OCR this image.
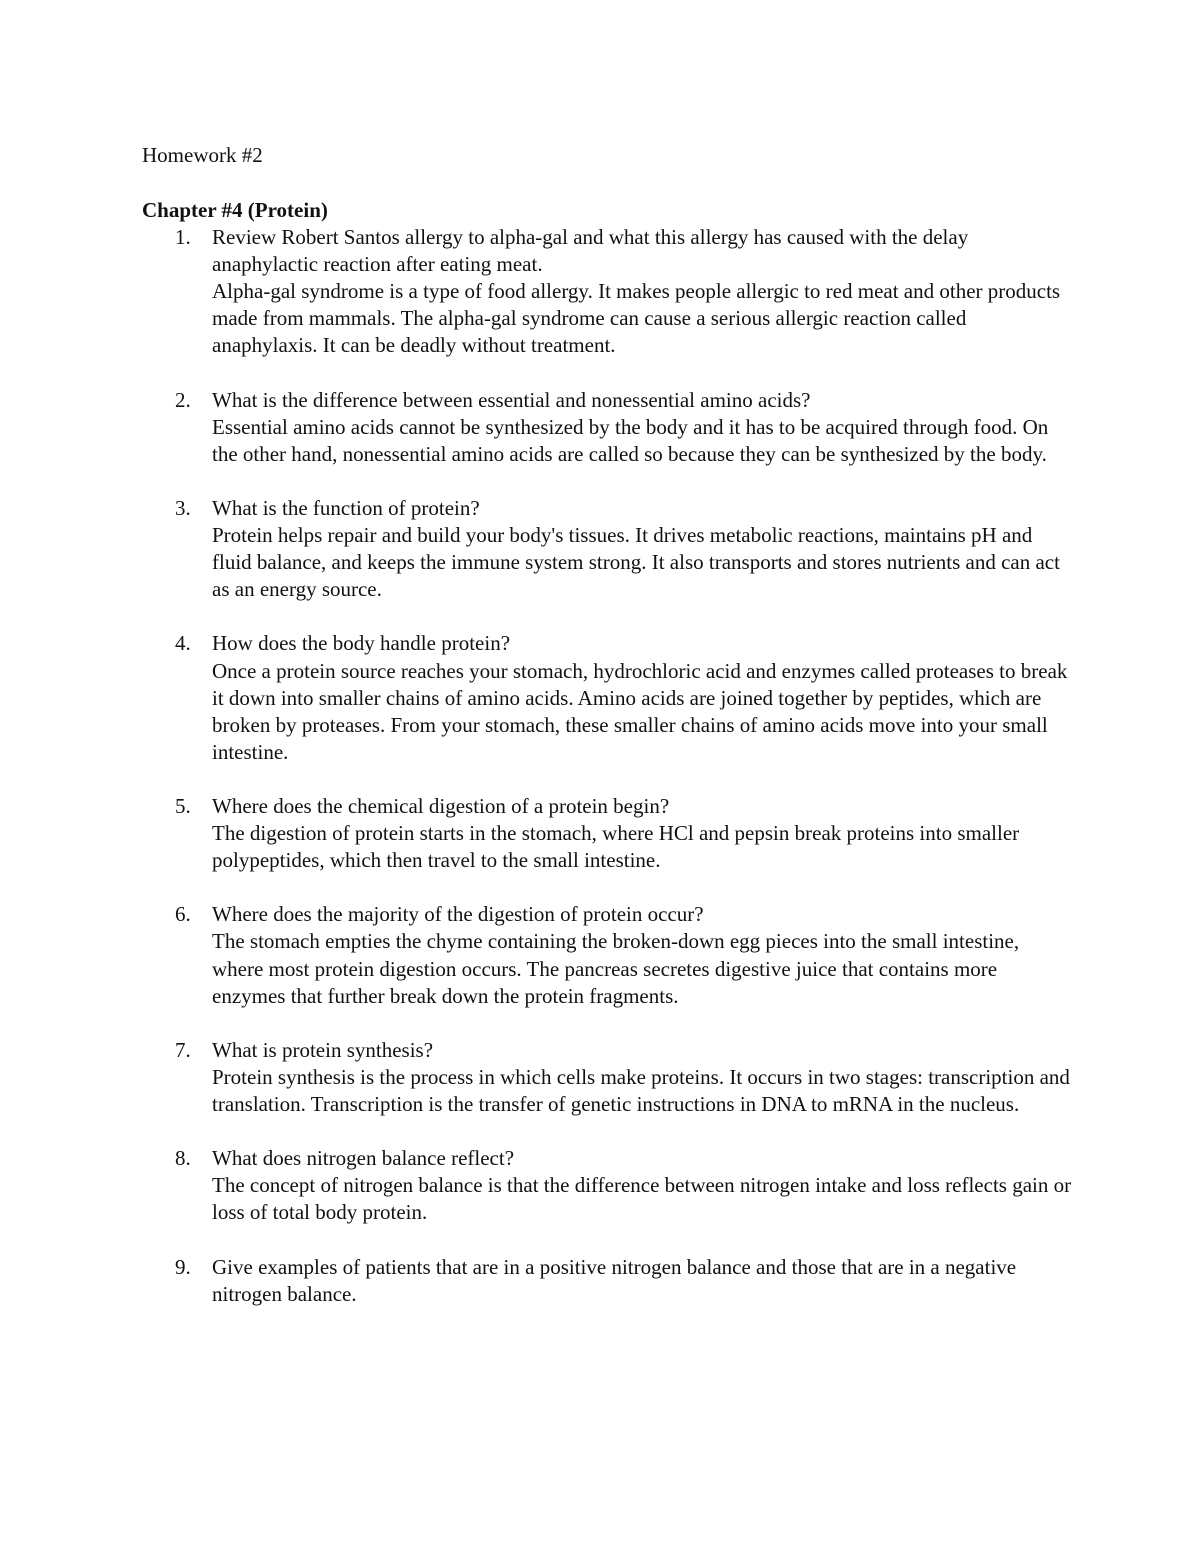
Homework #2
Chapter #4 (Protein)
1. Review Robert Santos allergy to alpha-gal and what this allergy has caused with the delay anaphylactic reaction after eating meat.
Alpha-gal syndrome is a type of food allergy. It makes people allergic to red meat and other products made from mammals. The alpha-gal syndrome can cause a serious allergic reaction called anaphylaxis. It can be deadly without treatment.
2. What is the difference between essential and nonessential amino acids?
Essential amino acids cannot be synthesized by the body and it has to be acquired through food. On the other hand, nonessential amino acids are called so because they can be synthesized by the body.
3. What is the function of protein?
Protein helps repair and build your body's tissues. It drives metabolic reactions, maintains pH and fluid balance, and keeps the immune system strong. It also transports and stores nutrients and can act as an energy source.
4. How does the body handle protein?
Once a protein source reaches your stomach, hydrochloric acid and enzymes called proteases to break it down into smaller chains of amino acids. Amino acids are joined together by peptides, which are broken by proteases. From your stomach, these smaller chains of amino acids move into your small intestine.
5. Where does the chemical digestion of a protein begin?
The digestion of protein starts in the stomach, where HCl and pepsin break proteins into smaller polypeptides, which then travel to the small intestine.
6. Where does the majority of the digestion of protein occur?
The stomach empties the chyme containing the broken-down egg pieces into the small intestine, where most protein digestion occurs. The pancreas secretes digestive juice that contains more enzymes that further break down the protein fragments.
7. What is protein synthesis?
Protein synthesis is the process in which cells make proteins. It occurs in two stages: transcription and translation. Transcription is the transfer of genetic instructions in DNA to mRNA in the nucleus.
8. What does nitrogen balance reflect?
The concept of nitrogen balance is that the difference between nitrogen intake and loss reflects gain or loss of total body protein.
9. Give examples of patients that are in a positive nitrogen balance and those that are in a negative nitrogen balance.
